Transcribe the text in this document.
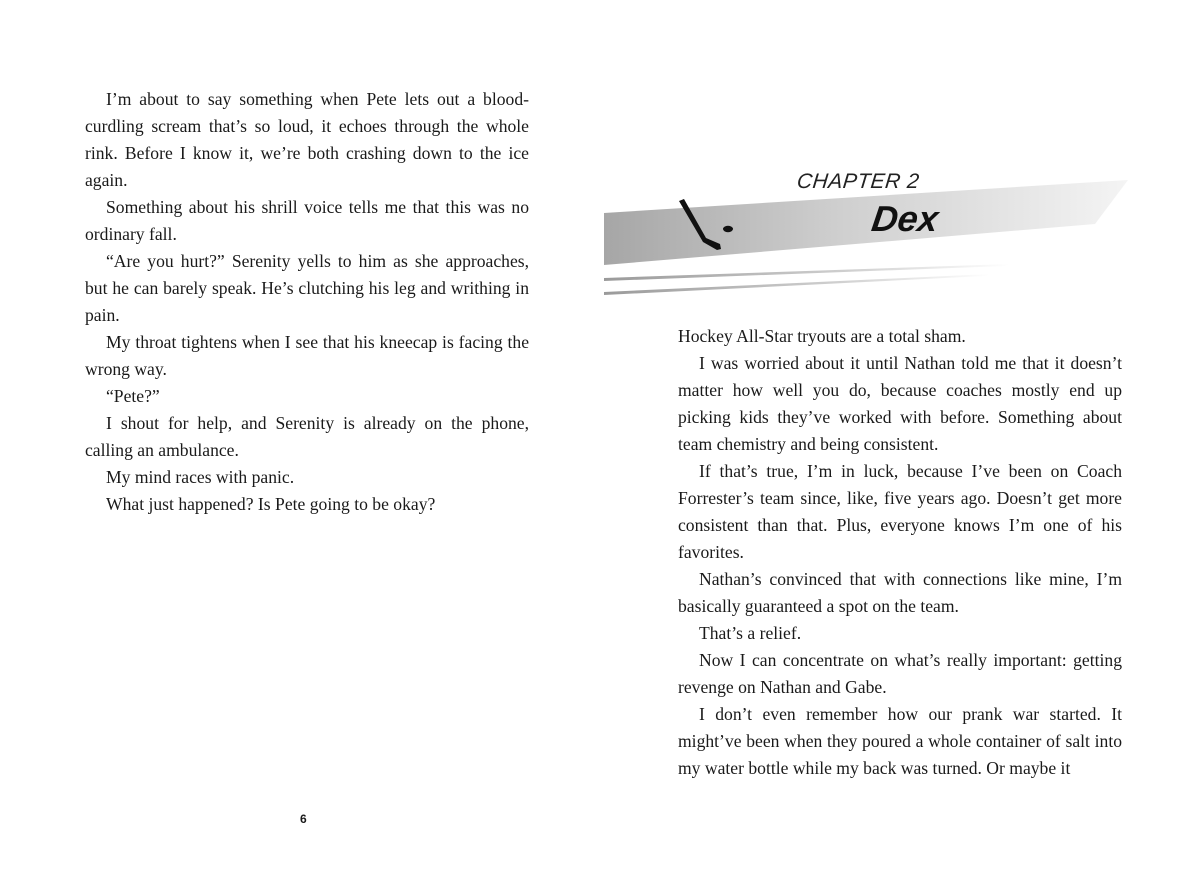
I’m about to say something when Pete lets out a blood-curdling scream that’s so loud, it echoes through the whole rink. Before I know it, we’re both crashing down to the ice again.

Something about his shrill voice tells me that this was no ordinary fall.

“Are you hurt?” Serenity yells to him as she approaches, but he can barely speak. He’s clutching his leg and writhing in pain.

My throat tightens when I see that his kneecap is facing the wrong way.

“Pete?”

I shout for help, and Serenity is already on the phone, calling an ambulance.

My mind races with panic.

What just happened? Is Pete going to be okay?

6
CHAPTER 2
Dex

Hockey All-Star tryouts are a total sham.

I was worried about it until Nathan told me that it doesn’t matter how well you do, because coaches mostly end up picking kids they’ve worked with before. Something about team chemistry and being consistent.

If that’s true, I’m in luck, because I’ve been on Coach Forrester’s team since, like, five years ago. Doesn’t get more consistent than that. Plus, everyone knows I’m one of his favorites.

Nathan’s convinced that with connections like mine, I’m basically guaranteed a spot on the team.

That’s a relief.

Now I can concentrate on what’s really important: getting revenge on Nathan and Gabe.

I don’t even remember how our prank war started. It might’ve been when they poured a whole container of salt into my water bottle while my back was turned. Or maybe it
